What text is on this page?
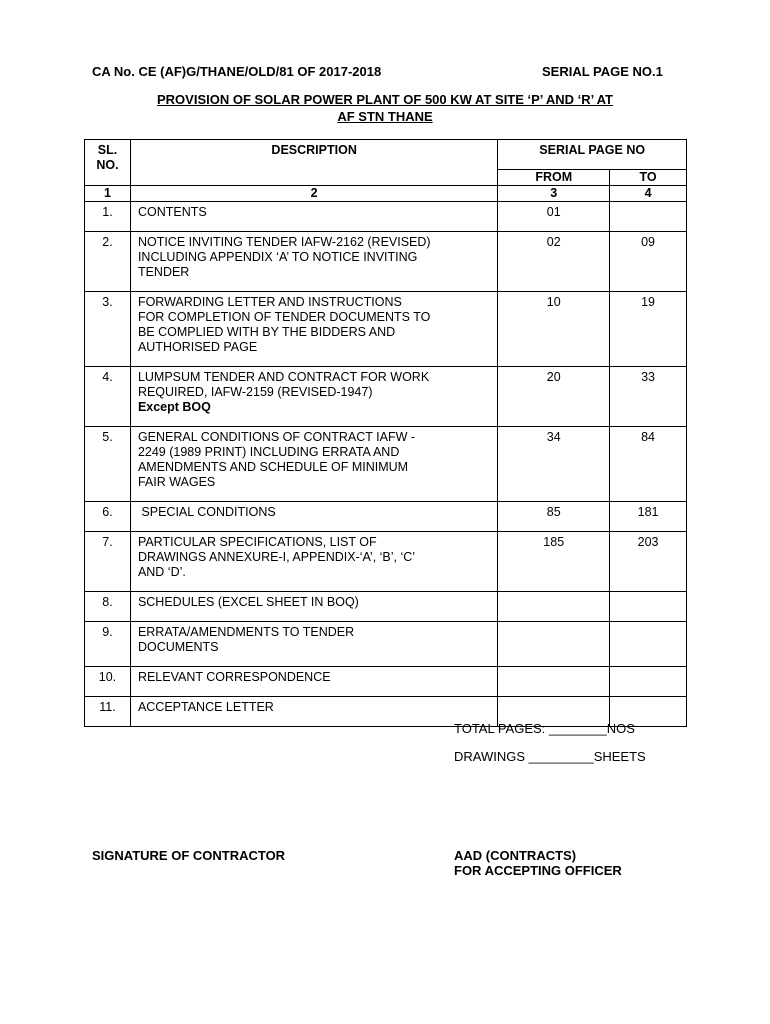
CA No. CE (AF)G/THANE/OLD/81 OF 2017-2018	SERIAL PAGE NO.1
PROVISION OF SOLAR POWER PLANT OF 500 KW AT SITE ‘P’ AND ‘R’ AT
AF STN THANE
SL.
NO.	DESCRIPTION	SERIAL PAGE NO	
		FROM	TO
1	2	3	4
1.	CONTENTS	01	
2.	NOTICE INVITING TENDER IAFW-2162 (REVISED)
INCLUDING APPENDIX ‘A’ TO NOTICE INVITING
TENDER	02	09
3.	FORWARDING LETTER AND INSTRUCTIONS
FOR COMPLETION OF TENDER DOCUMENTS TO
BE COMPLIED WITH BY THE BIDDERS AND
AUTHORISED PAGE	10	19
4.	LUMPSUM TENDER AND CONTRACT FOR WORK
REQUIRED, IAFW-2159 (REVISED-1947)
Except BOQ	20	33
5.	GENERAL CONDITIONS OF CONTRACT IAFW -
2249 (1989 PRINT) INCLUDING ERRATA AND
AMENDMENTS AND SCHEDULE OF MINIMUM
FAIR WAGES	34	84
6.	SPECIAL CONDITIONS	85	181
7.	PARTICULAR SPECIFICATIONS, LIST OF
DRAWINGS ANNEXURE-I, APPENDIX-‘A’, ‘B’, ‘C’
AND ‘D’.	185	203
8.	SCHEDULES (EXCEL SHEET IN BOQ)		

9.	ERRATA/AMENDMENTS TO TENDER
DOCUMENTS		

10.	RELEVANT CORRESPONDENCE		

11.	ACCEPTANCE LETTER		

TOTAL PAGES: ________NOS
DRAWINGS _________SHEETS
SIGNATURE OF CONTRACTOR	AAD (CONTRACTS)
FOR ACCEPTING OFFICER
